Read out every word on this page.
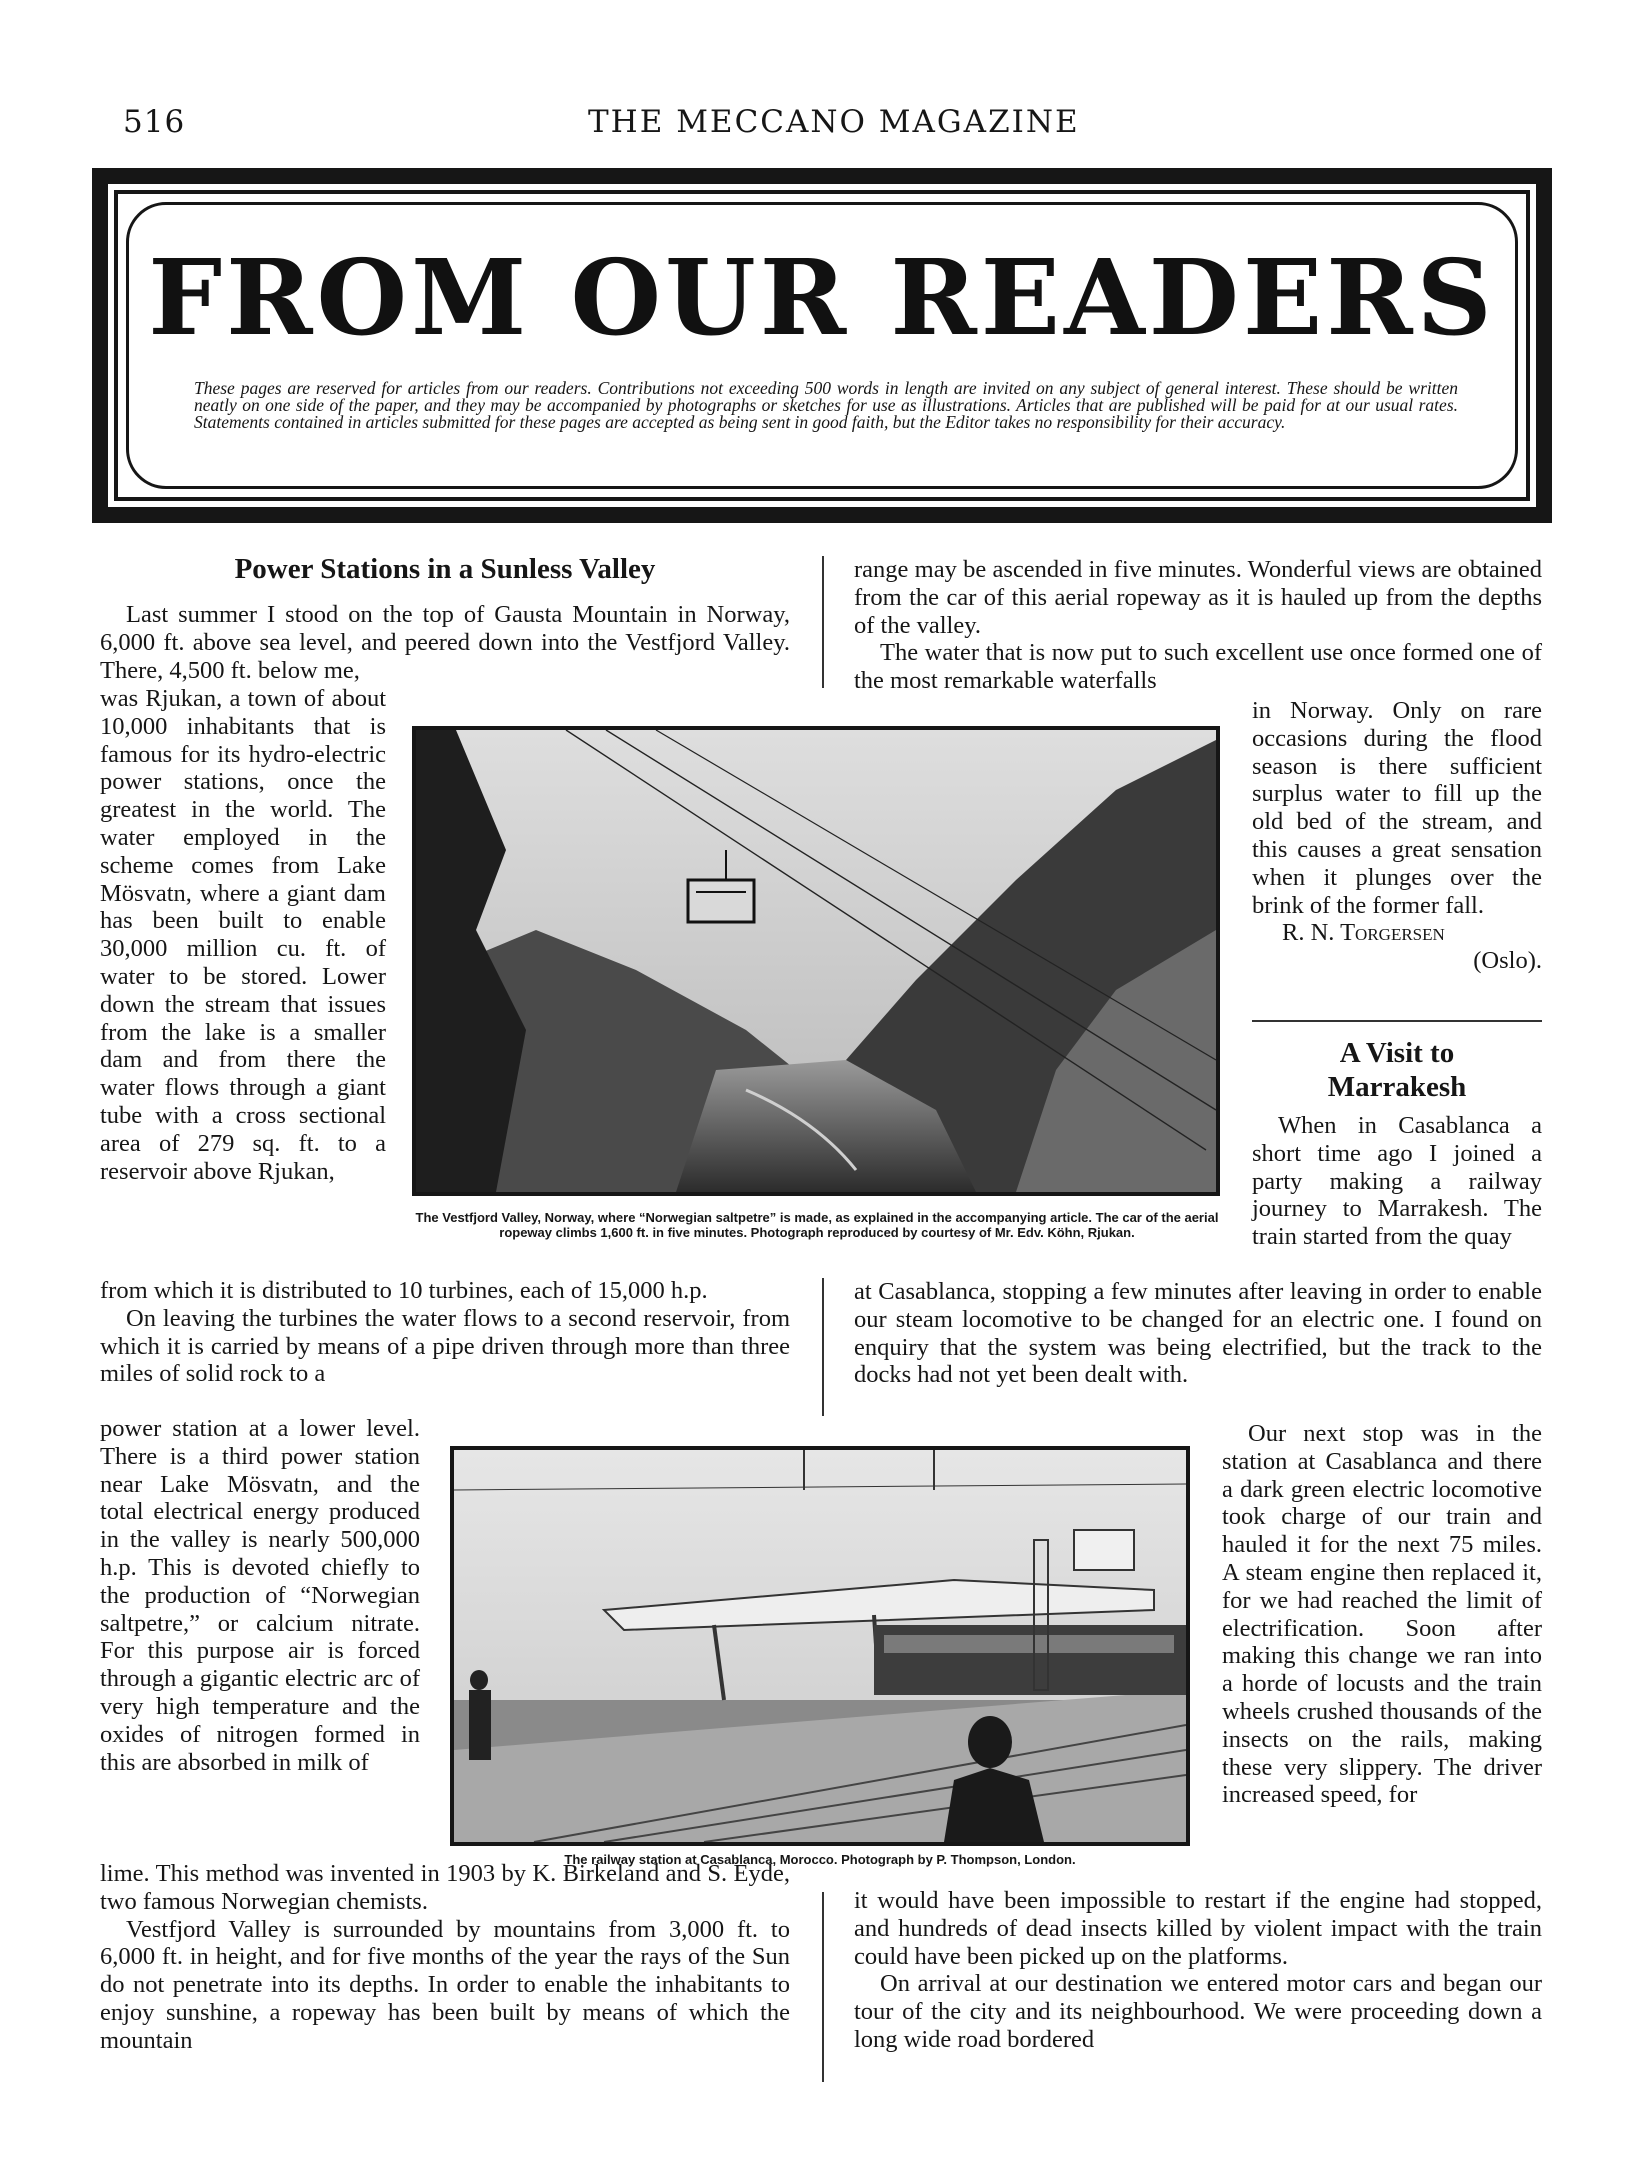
516	THE MECCANO MAGAZINE
FROM OUR READERS
These pages are reserved for articles from our readers. Contributions not exceeding 500 words in length are invited on any subject of general interest. These should be written neatly on one side of the paper, and they may be accompanied by photographs or sketches for use as illustrations. Articles that are published will be paid for at our usual rates. Statements contained in articles submitted for these pages are accepted as being sent in good faith, but the Editor takes no responsibility for their accuracy.
Power Stations in a Sunless Valley

Last summer I stood on the top of Gausta Mountain in Norway, 6,000 ft. above sea level, and peered down into the Vestfjord Valley. There, 4,500 ft. below me,

was Rjukan, a town of about 10,000 inhabitants that is famous for its hydro-electric power stations, once the greatest in the world. The water employed in the scheme comes from Lake Mösvatn, where a giant dam has been built to enable 30,000 million cu. ft. of water to be stored. Lower down the stream that issues from the lake is a smaller dam and from there the water flows through a giant tube with a cross sectional area of 279 sq. ft. to a reservoir above Rjukan,

from which it is distributed to 10 turbines, each of 15,000 h.p.

On leaving the turbines the water flows to a second reservoir, from which it is carried by means of a pipe driven through more than three miles of solid rock to a

power station at a lower level. There is a third power station near Lake Mösvatn, and the total electrical energy produced in the valley is nearly 500,000 h.p. This is devoted chiefly to the production of “Norwegian saltpetre,” or calcium nitrate. For this purpose air is forced through a gigantic electric arc of very high temperature and the oxides of nitrogen formed in this are absorbed in milk of

lime. This method was invented in 1903 by K. Birkeland and S. Eyde, two famous Norwegian chemists.

Vestfjord Valley is surrounded by mountains from 3,000 ft. to 6,000 ft. in height, and for five months of the year the rays of the Sun do not penetrate into its depths. In order to enable the inhabitants to enjoy sunshine, a ropeway has been built by means of which the mountain

range may be ascended in five minutes. Wonderful views are obtained from the car of this aerial ropeway as it is hauled up from the depths of the valley.

The water that is now put to such excellent use once formed one of the most remarkable waterfalls

in Norway. Only on rare occasions during the flood season is there sufficient surplus water to fill up the old bed of the stream, and this causes a great sensation when it plunges over the brink of the former fall.

R. N. Torgersen

(Oslo).

The Vestfjord Valley, Norway, where “Norwegian saltpetre” is made, as explained in the accompanying article. The car of the aerial ropeway climbs 1,600 ft. in five minutes. Photograph reproduced by courtesy of Mr. Edv. Köhn, Rjukan.
A Visit to
Marrakesh

When in Casablanca a short time ago I joined a party making a railway journey to Marrakesh. The train started from the quay

at Casablanca, stopping a few minutes after leaving in order to enable our steam locomotive to be changed for an electric one. I found on enquiry that the system was being electrified, but the track to the docks had not yet been dealt with.

Our next stop was in the station at Casablanca and there a dark green electric locomotive took charge of our train and hauled it for the next 75 miles. A steam engine then replaced it, for we had reached the limit of electrification. Soon after making this change we ran into a horde of locusts and the train wheels crushed thousands of the insects on the rails, making these very slippery. The driver increased speed, for

it would have been impossible to restart if the engine had stopped, and hundreds of dead insects killed by violent impact with the train could have been picked up on the platforms.

On arrival at our destination we entered motor cars and began our tour of the city and its neighbourhood. We were proceeding down a long wide road bordered

The railway station at Casablanca, Morocco. Photograph by P. Thompson, London.
